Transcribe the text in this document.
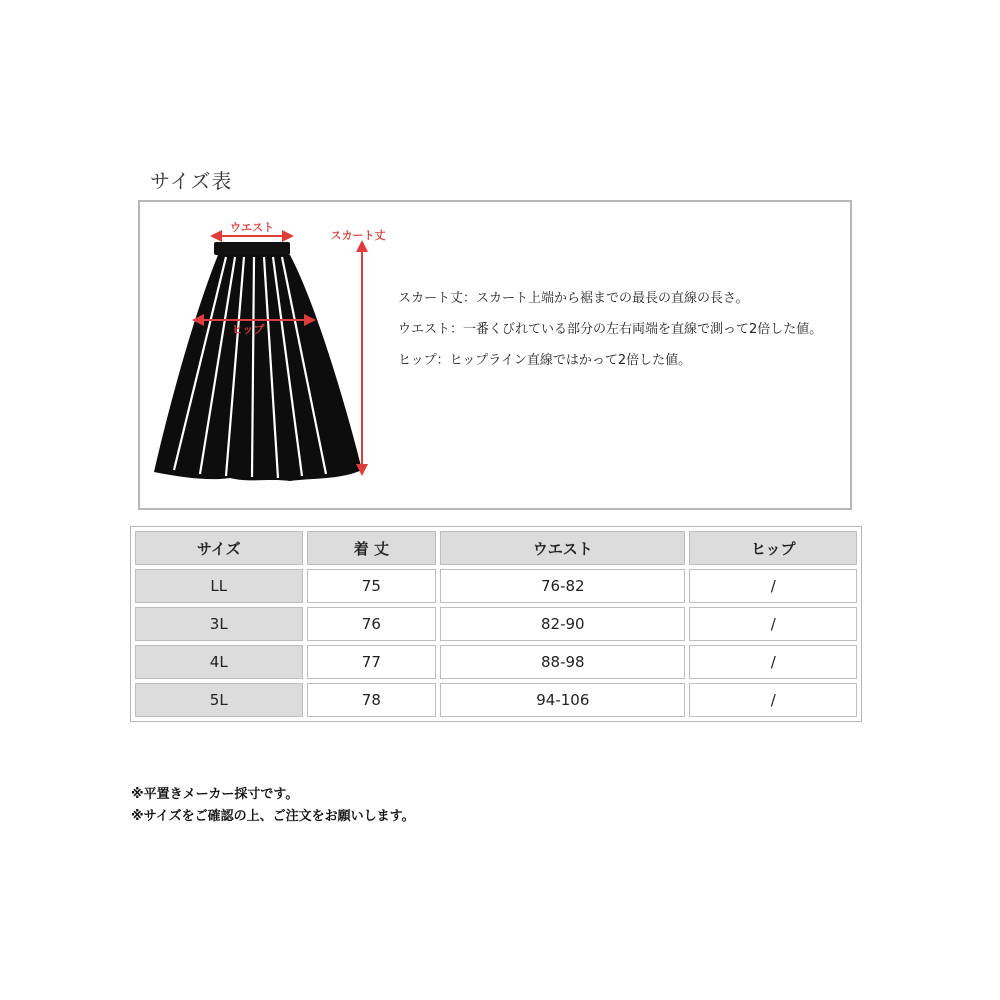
サイズ表
ウエスト
ヒップ
スカート丈
スカート丈：スカート上端から裾までの最長の直線の長さ。
ウエスト：一番くびれている部分の左右両端を直線で測って2倍した値。
ヒップ：ヒップライン直線ではかって2倍した値。
サイズ	着 丈	ウエスト	ヒップ
LL	75	76-82	/
3L	76	82-90	/
4L	77	88-98	/
5L	78	94-106	/
※平置きメーカー採寸です。
※サイズをご確認の上、ご注文をお願いします。
